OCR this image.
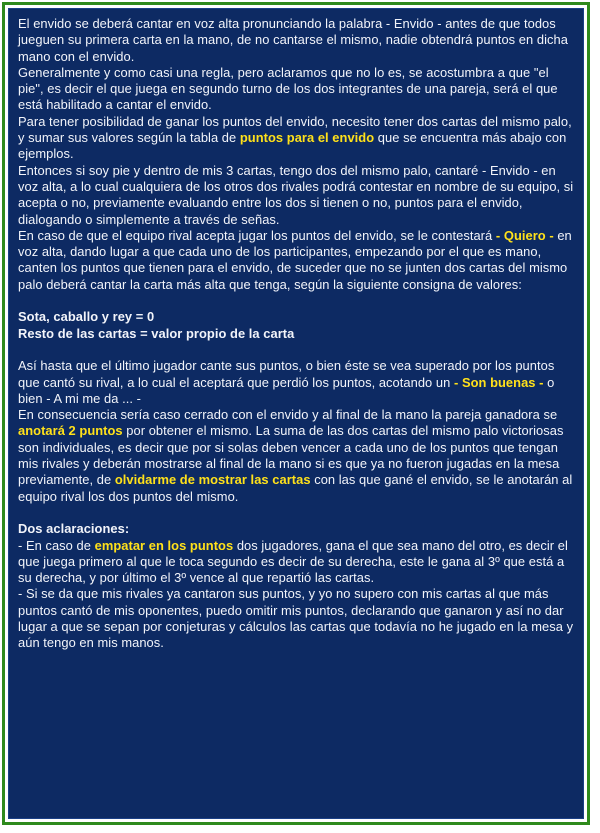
El envido se deberá cantar en voz alta pronunciando la palabra - Envido - antes de que todos jueguen su primera carta en la mano, de no cantarse el mismo, nadie obtendrá puntos en dicha mano con el envido.

Generalmente y como casi una regla, pero aclaramos que no lo es, se acostumbra a que "el pie", es decir el que juega en segundo turno de los dos integrantes de una pareja, será el que está habilitado a cantar el envido.

Para tener posibilidad de ganar los puntos del envido, necesito tener dos cartas del mismo palo, y sumar sus valores según la tabla de puntos para el envido que se encuentra más abajo con ejemplos.

Entonces si soy pie y dentro de mis 3 cartas, tengo dos del mismo palo, cantaré - Envido - en voz alta, a lo cual cualquiera de los otros dos rivales podrá contestar en nombre de su equipo, si acepta o no, previamente evaluando entre los dos si tienen o no, puntos para el envido, dialogando o simplemente a través de señas.

En caso de que el equipo rival acepta jugar los puntos del envido, se le contestará - Quiero - en voz alta, dando lugar a que cada uno de los participantes, empezando por el que es mano, canten los puntos que tienen para el envido, de suceder que no se junten dos cartas del mismo palo deberá cantar la carta más alta que tenga, según la siguiente consigna de valores:

Sota, caballo y rey = 0

Resto de las cartas = valor propio de la carta

Así hasta que el último jugador cante sus puntos, o bien éste se vea superado por los puntos que cantó su rival, a lo cual el aceptará que perdió los puntos, acotando un - Son buenas - o bien - A mi me da ... -

En consecuencia sería caso cerrado con el envido y al final de la mano la pareja ganadora se anotará 2 puntos por obtener el mismo. La suma de las dos cartas del mismo palo victoriosas son individuales, es decir que por si solas deben vencer a cada uno de los puntos que tengan mis rivales y deberán mostrarse al final de la mano si es que ya no fueron jugadas en la mesa previamente, de olvidarme de mostrar las cartas con las que gané el envido, se le anotarán al equipo rival los dos puntos del mismo.

Dos aclaraciones:

- En caso de empatar en los puntos dos jugadores, gana el que sea mano del otro, es decir el que juega primero al que le toca segundo es decir de su derecha, este le gana al 3º que está a su derecha, y por último el 3º vence al que repartió las cartas.

- Si se da que mis rivales ya cantaron sus puntos, y yo no supero con mis cartas al que más puntos cantó de mis oponentes, puedo omitir mis puntos, declarando que ganaron y así no dar lugar a que se sepan por conjeturas y cálculos las cartas que todavía no he jugado en la mesa y aún tengo en mis manos.
